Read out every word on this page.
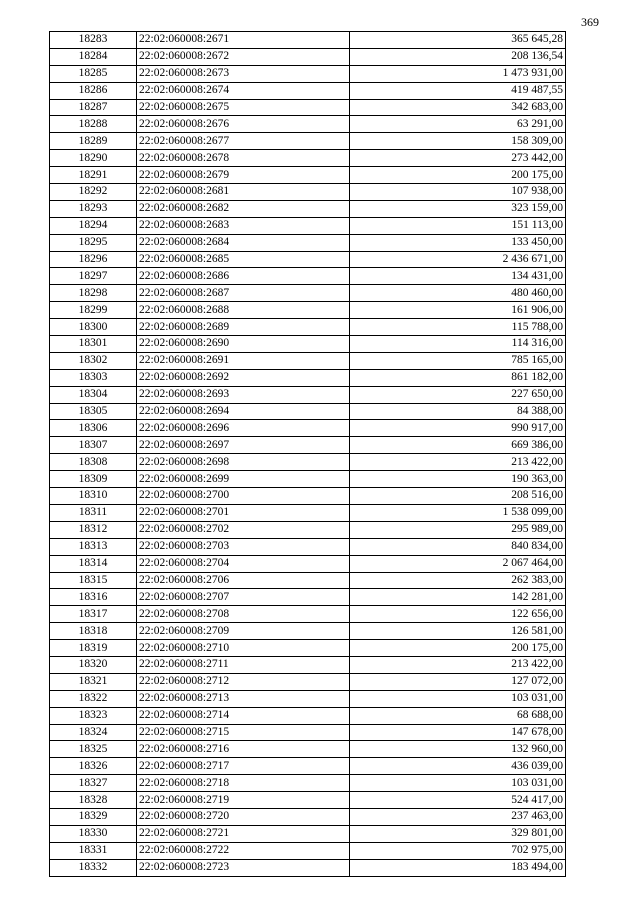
369
18283	22:02:060008:2671	365 645,28
18284	22:02:060008:2672	208 136,54
18285	22:02:060008:2673	1 473 931,00
18286	22:02:060008:2674	419 487,55
18287	22:02:060008:2675	342 683,00
18288	22:02:060008:2676	63 291,00
18289	22:02:060008:2677	158 309,00
18290	22:02:060008:2678	273 442,00
18291	22:02:060008:2679	200 175,00
18292	22:02:060008:2681	107 938,00
18293	22:02:060008:2682	323 159,00
18294	22:02:060008:2683	151 113,00
18295	22:02:060008:2684	133 450,00
18296	22:02:060008:2685	2 436 671,00
18297	22:02:060008:2686	134 431,00
18298	22:02:060008:2687	480 460,00
18299	22:02:060008:2688	161 906,00
18300	22:02:060008:2689	115 788,00
18301	22:02:060008:2690	114 316,00
18302	22:02:060008:2691	785 165,00
18303	22:02:060008:2692	861 182,00
18304	22:02:060008:2693	227 650,00
18305	22:02:060008:2694	84 388,00
18306	22:02:060008:2696	990 917,00
18307	22:02:060008:2697	669 386,00
18308	22:02:060008:2698	213 422,00
18309	22:02:060008:2699	190 363,00
18310	22:02:060008:2700	208 516,00
18311	22:02:060008:2701	1 538 099,00
18312	22:02:060008:2702	295 989,00
18313	22:02:060008:2703	840 834,00
18314	22:02:060008:2704	2 067 464,00
18315	22:02:060008:2706	262 383,00
18316	22:02:060008:2707	142 281,00
18317	22:02:060008:2708	122 656,00
18318	22:02:060008:2709	126 581,00
18319	22:02:060008:2710	200 175,00
18320	22:02:060008:2711	213 422,00
18321	22:02:060008:2712	127 072,00
18322	22:02:060008:2713	103 031,00
18323	22:02:060008:2714	68 688,00
18324	22:02:060008:2715	147 678,00
18325	22:02:060008:2716	132 960,00
18326	22:02:060008:2717	436 039,00
18327	22:02:060008:2718	103 031,00
18328	22:02:060008:2719	524 417,00
18329	22:02:060008:2720	237 463,00
18330	22:02:060008:2721	329 801,00
18331	22:02:060008:2722	702 975,00
18332	22:02:060008:2723	183 494,00
